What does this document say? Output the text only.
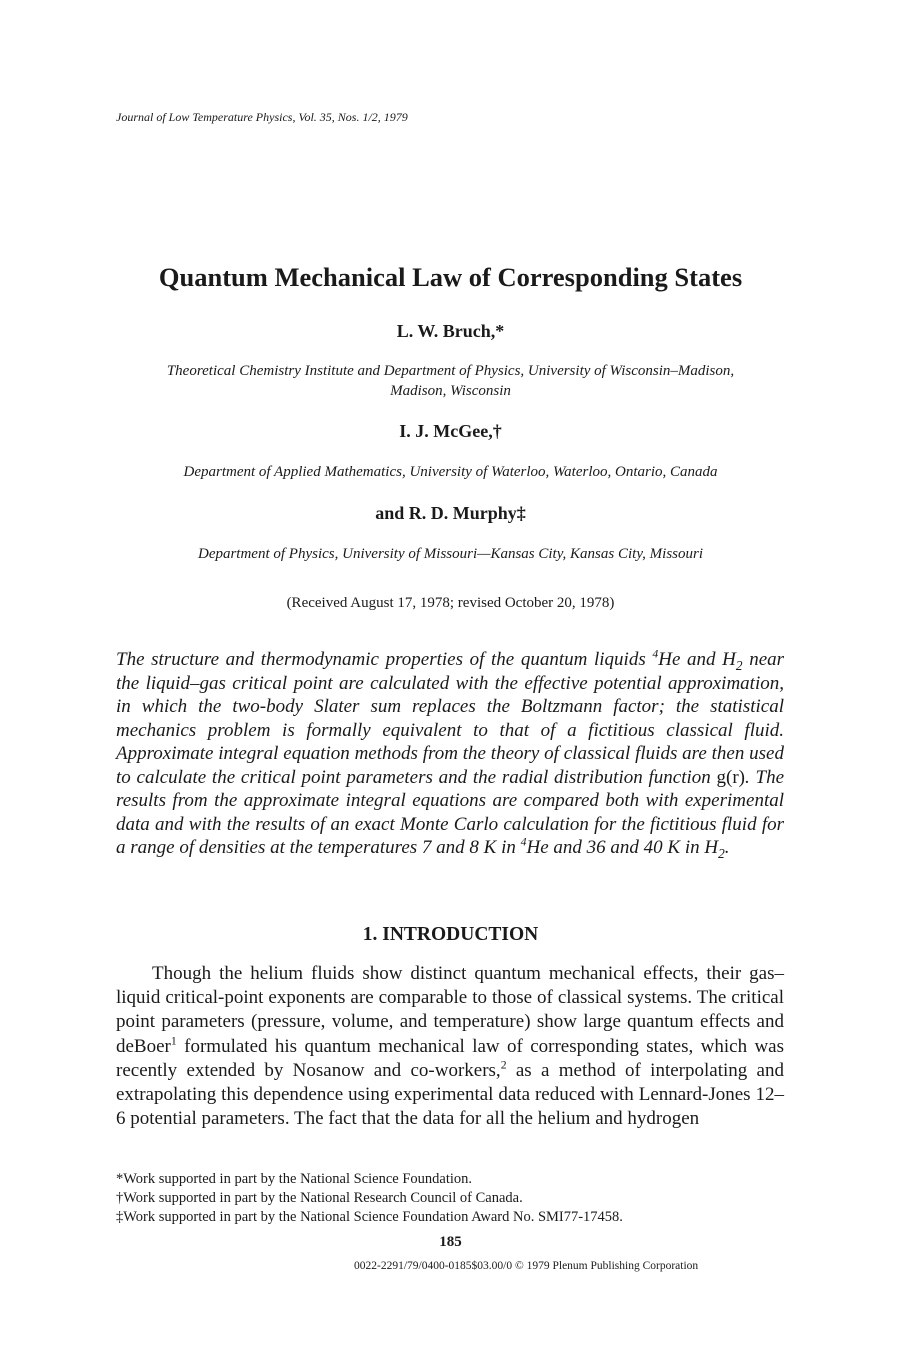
Journal of Low Temperature Physics, Vol. 35, Nos. 1/2, 1979
Quantum Mechanical Law of Corresponding States
L. W. Bruch,*
Theoretical Chemistry Institute and Department of Physics, University of Wisconsin–Madison,
Madison, Wisconsin
I. J. McGee,†
Department of Applied Mathematics, University of Waterloo, Waterloo, Ontario, Canada
and R. D. Murphy‡
Department of Physics, University of Missouri—Kansas City, Kansas City, Missouri
(Received August 17, 1978; revised October 20, 1978)
The structure and thermodynamic properties of the quantum liquids $^4$He and $H_2$ near the liquid–gas critical point are calculated with the effective potential approximation, in which the two-body Slater sum replaces the Boltzmann factor; the statistical mechanics problem is formally equivalent to that of a fictitious classical fluid. Approximate integral equation methods from the theory of classical fluids are then used to calculate the critical point parameters and the radial distribution function g(r). The results from the approximate integral equations are compared both with experimental data and with the results of an exact Monte Carlo calculation for the fictitious fluid for a range of densities at the temperatures 7 and 8 K in $^4$He and 36 and 40 K in $H_2$.
1. INTRODUCTION
Though the helium fluids show distinct quantum mechanical effects, their gas–liquid critical-point exponents are comparable to those of classical systems. The critical point parameters (pressure, volume, and temperature) show large quantum effects and deBoer$^1$ formulated his quantum mechanical law of corresponding states, which was recently extended by Nosanow and co-workers,$^2$ as a method of interpolating and extrapolating this dependence using experimental data reduced with Lennard-Jones 12–6 potential parameters. The fact that the data for all the helium and hydrogen
*Work supported in part by the National Science Foundation.
†Work supported in part by the National Research Council of Canada.
‡Work supported in part by the National Science Foundation Award No. SMI77-17458.
185
0022-2291/79/0400-0185$03.00/0 © 1979 Plenum Publishing Corporation
